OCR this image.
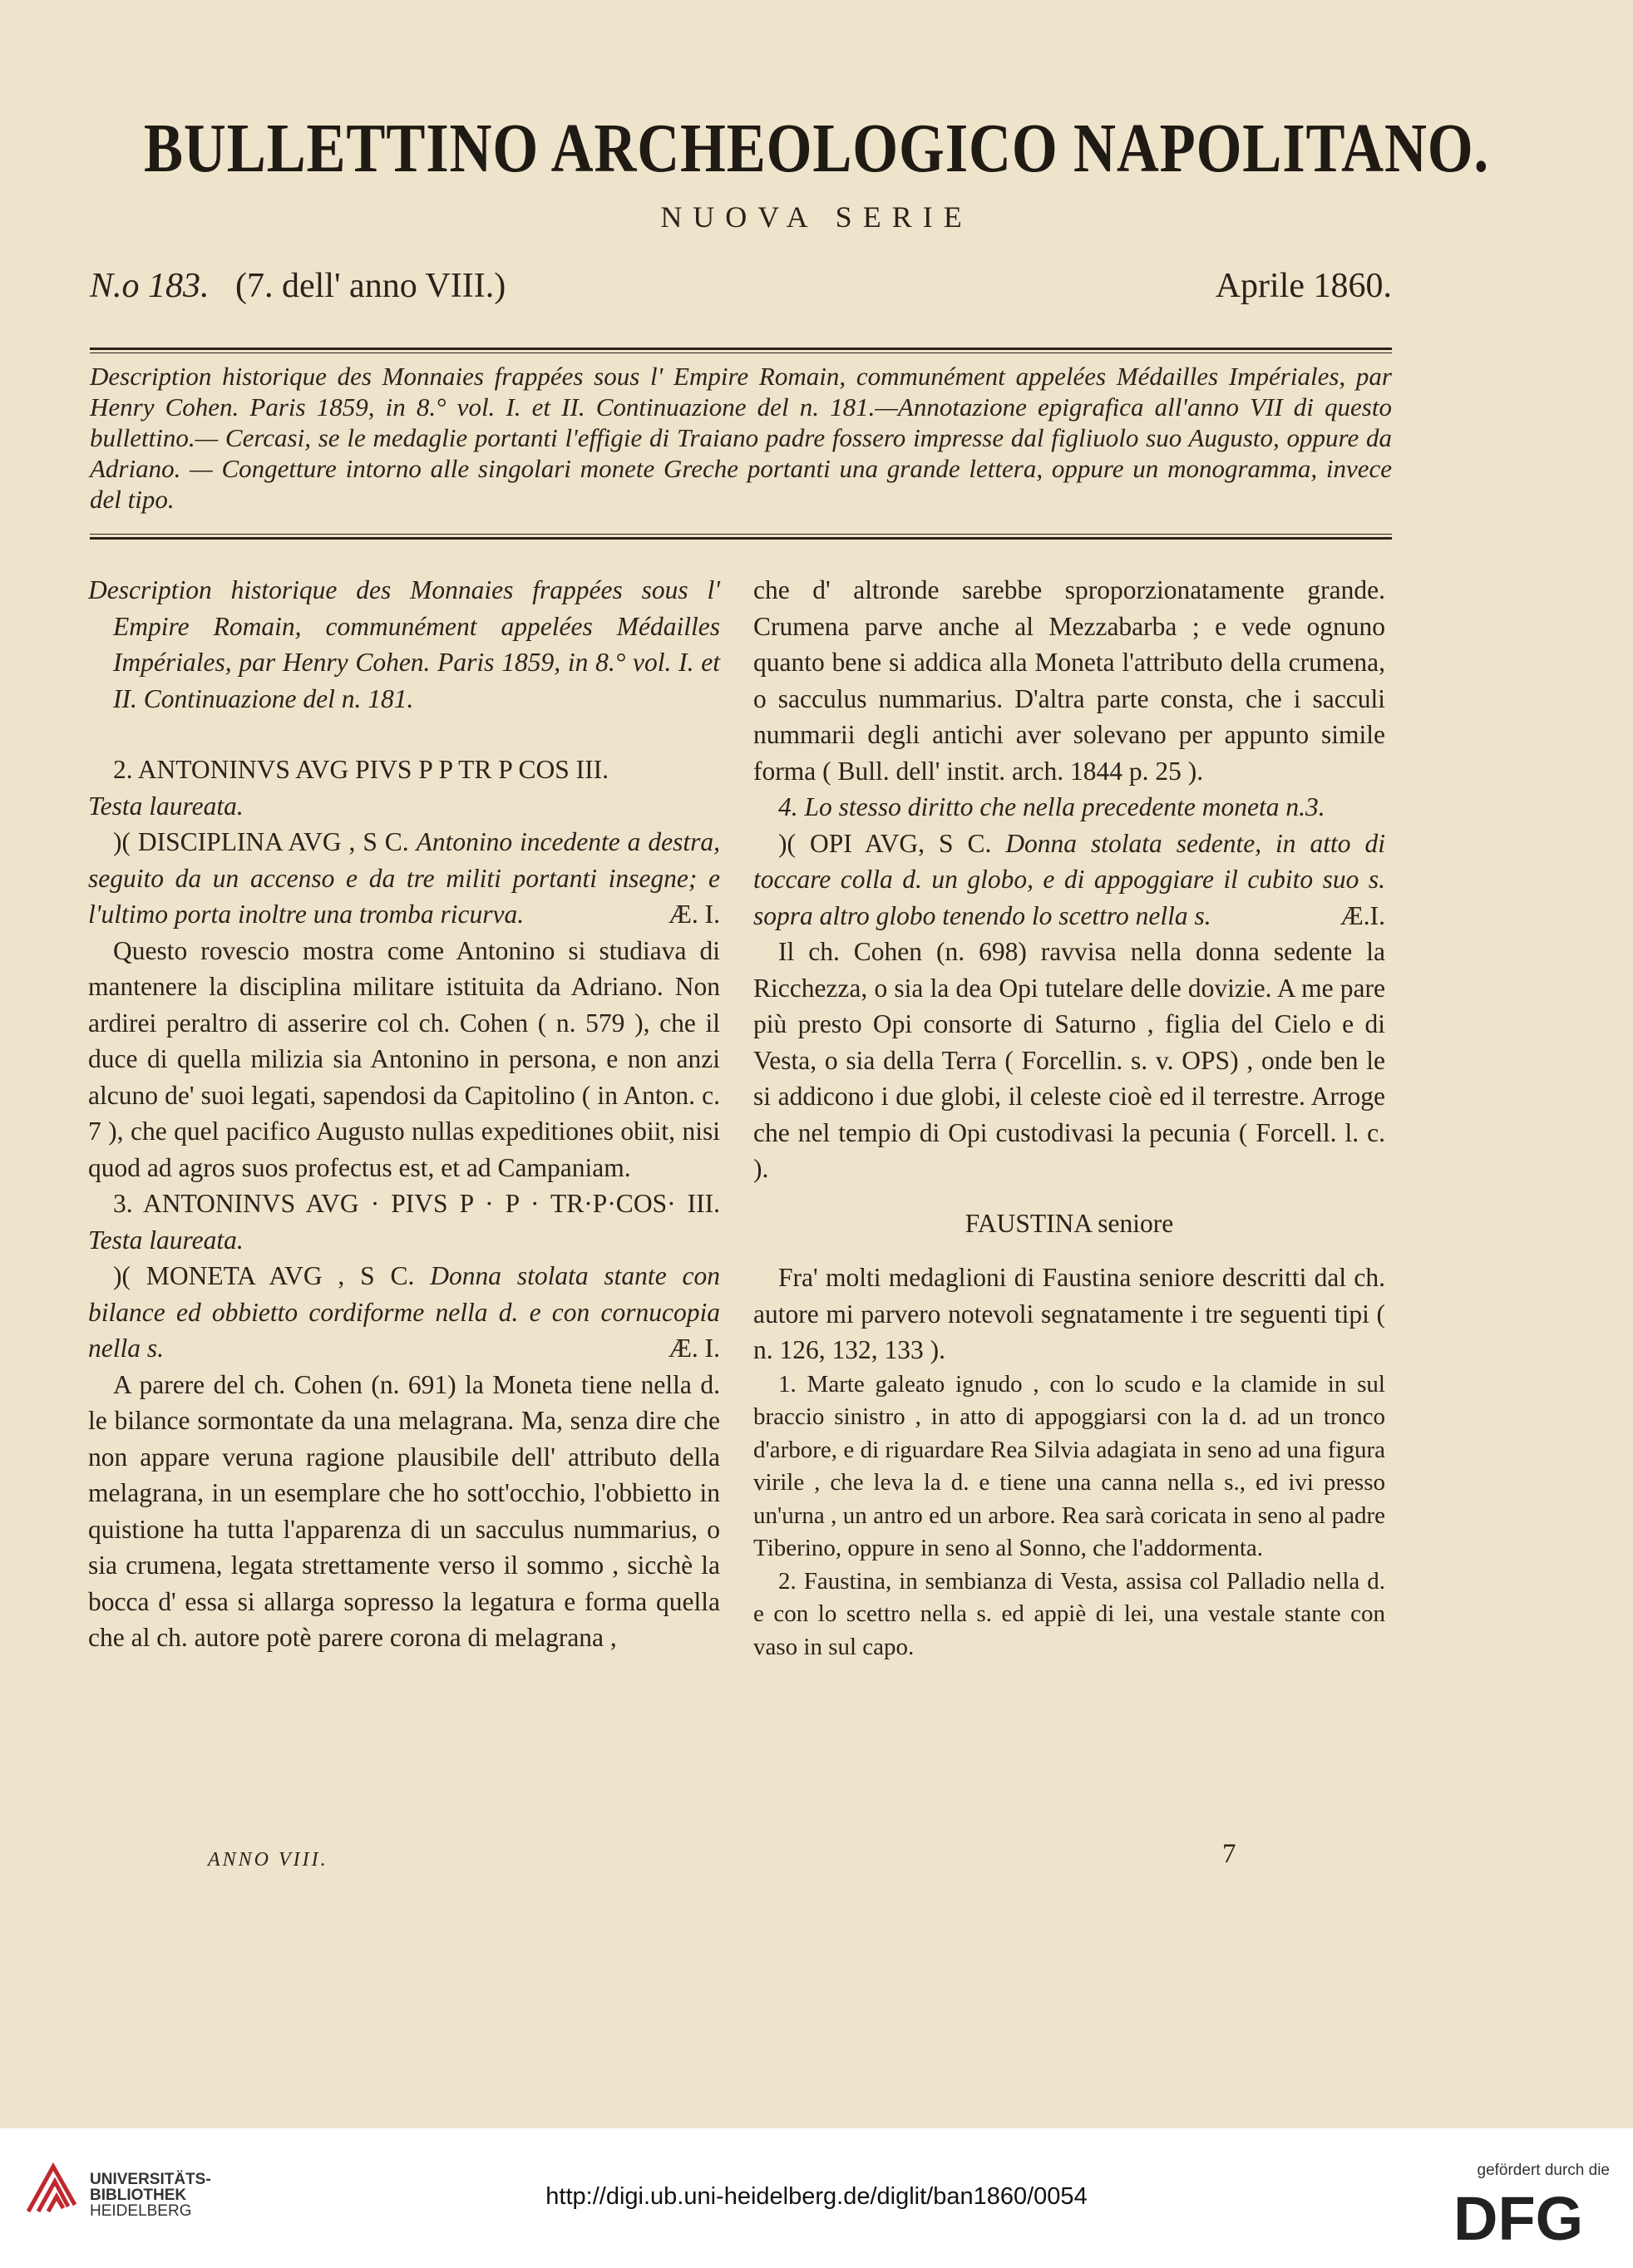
BULLETTINO ARCHEOLOGICO NAPOLITANO.
NUOVA SERIE
N.o 183. (7. dell' anno VIII.)	Aprile 1860.
Description historique des Monnaies frappées sous l' Empire Romain, communément appelées Médailles Impériales, par Henry Cohen. Paris 1859, in 8.° vol. I. et II. Continuazione del n. 181.—Annotazione epigrafica all'anno VII di questo bullettino.— Cercasi, se le medaglie portanti l'effigie di Traiano padre fossero impresse dal figliuolo suo Augusto, oppure da Adriano. — Congetture intorno alle singolari monete Greche portanti una grande lettera, oppure un monogramma, invece del tipo.

Description historique des Monnaies frappées sous l' Empire Romain, communément appelées Médailles Impériales, par Henry Cohen. Paris 1859, in 8.° vol. I. et II. Continuazione del n. 181.

2. ANTONINVS AVG PIVS P P TR P COS III.

Testa laureata.

)( DISCIPLINA AVG , S C. Antonino incedente a destra, seguito da un accenso e da tre militi portanti insegne; e l'ultimo porta inoltre una tromba ricurva.	Æ. I.

Questo rovescio mostra come Antonino si studiava di mantenere la disciplina militare istituita da Adriano. Non ardirei peraltro di asserire col ch. Cohen ( n. 579 ), che il duce di quella milizia sia Antonino in persona, e non anzi alcuno de' suoi legati, sapendosi da Capitolino ( in Anton. c. 7 ), che quel pacifico Augusto nullas expeditiones obiit, nisi quod ad agros suos profectus est, et ad Campaniam.

3. ANTONINVS AVG · PIVS P · P · TR·P·COS· III. Testa laureata.

)( MONETA AVG , S C. Donna stolata stante con bilance ed obbietto cordiforme nella d. e con cornucopia nella s.	Æ. I.

A parere del ch. Cohen (n. 691) la Moneta tiene nella d. le bilance sormontate da una melagrana. Ma, senza dire che non appare veruna ragione plausibile dell' attributo della melagrana, in un esemplare che ho sott'occhio, l'obbietto in quistione ha tutta l'apparenza di un sacculus nummarius, o sia crumena, legata strettamente verso il sommo , sicchè la bocca d' essa si allarga sopresso la legatura e forma quella che al ch. autore potè parere corona di melagrana ,

che d' altronde sarebbe sproporzionatamente grande. Crumena parve anche al Mezzabarba ; e vede ognuno quanto bene si addica alla Moneta l'attributo della crumena, o sacculus nummarius. D'altra parte consta, che i sacculi nummarii degli antichi aver solevano per appunto simile forma ( Bull. dell' instit. arch. 1844 p. 25 ).

4. Lo stesso diritto che nella precedente moneta n.3.

)( OPI AVG, S C. Donna stolata sedente, in atto di toccare colla d. un globo, e di appoggiare il cubito suo s. sopra altro globo tenendo lo scettro nella s.	Æ.I.

Il ch. Cohen (n. 698) ravvisa nella donna sedente la Ricchezza, o sia la dea Opi tutelare delle dovizie. A me pare più presto Opi consorte di Saturno , figlia del Cielo e di Vesta, o sia della Terra ( Forcellin. s. v. OPS) , onde ben le si addicono i due globi, il celeste cioè ed il terrestre. Arroge che nel tempio di Opi custodivasi la pecunia ( Forcell. l. c. ).

FAUSTINA seniore

Fra' molti medaglioni di Faustina seniore descritti dal ch. autore mi parvero notevoli segnatamente i tre seguenti tipi ( n. 126, 132, 133 ).

1. Marte galeato ignudo , con lo scudo e la clamide in sul braccio sinistro , in atto di appoggiarsi con la d. ad un tronco d'arbore, e di riguardare Rea Silvia adagiata in seno ad una figura virile , che leva la d. e tiene una canna nella s., ed ivi presso un'urna , un antro ed un arbore. Rea sarà coricata in seno al padre Tiberino, oppure in seno al Sonno, che l'addormenta.

2. Faustina, in sembianza di Vesta, assisa col Palladio nella d. e con lo scettro nella s. ed appiè di lei, una vestale stante con vaso in sul capo.

ANNO VIII.	7
UNIVERSITÄTS-
BIBLIOTHEK
HEIDELBERG
http://digi.ub.uni-heidelberg.de/diglit/ban1860/0054
gefördert durch die
DFG
